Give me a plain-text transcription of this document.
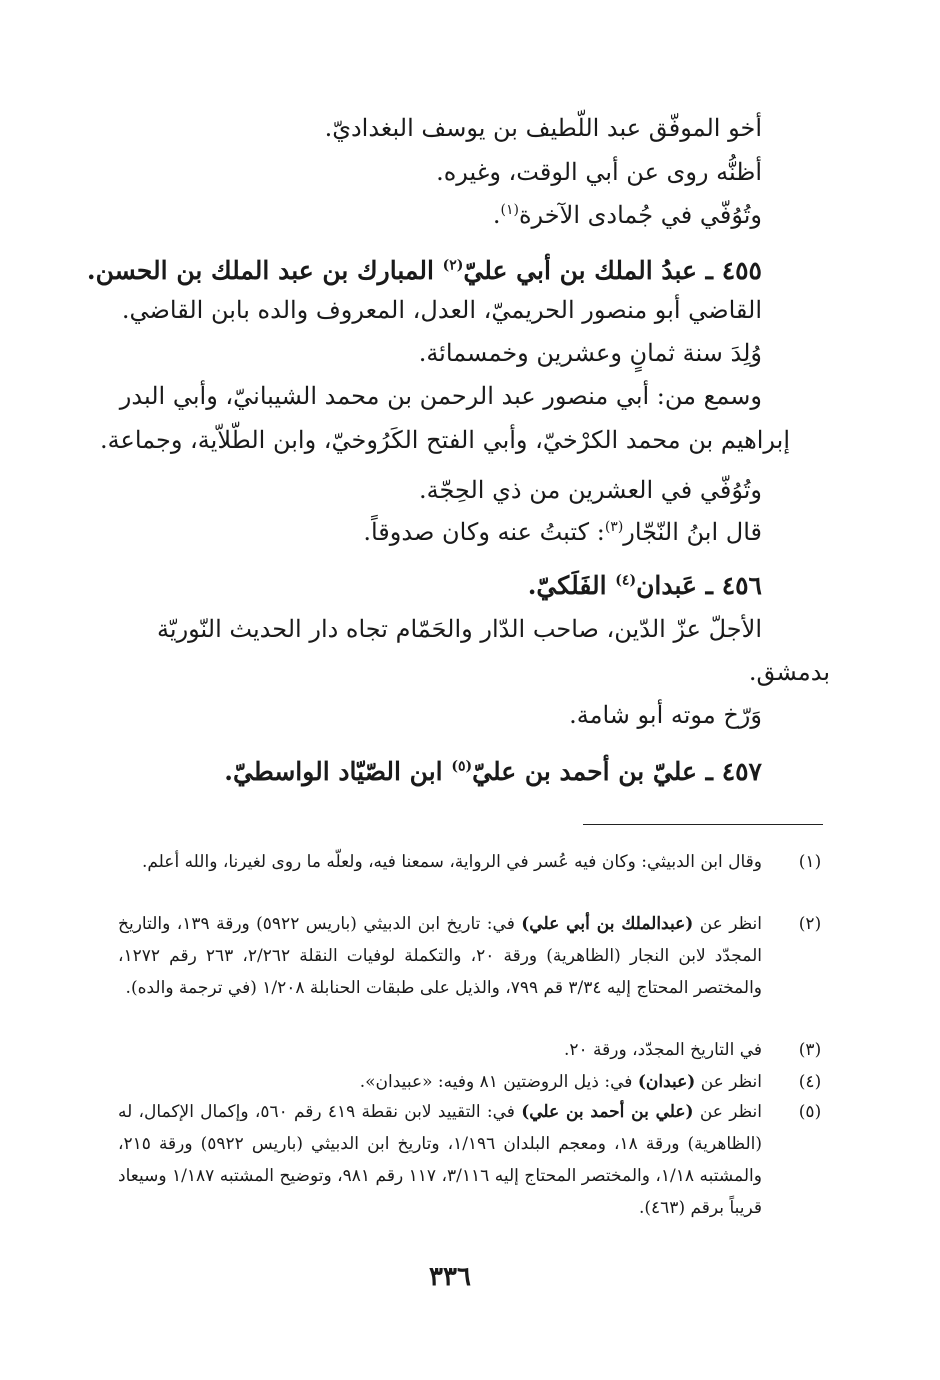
أخو الموفّق عبد اللّطيف بن يوسف البغداديّ.
أظنُّه روى عن أبي الوقت، وغيره.
وتُوُفّي في جُمادى الآخرة$^{(١)}$.
٤٥٥ ـ عبدُ الملك بن أبي عليّ$^{(٢)}$ المبارك بن عبد الملك بن الحسن.
القاضي أبو منصور الحريميّ، العدل، المعروف والده بابن القاضي.
وُلِدَ سنة ثمانٍ وعشرين وخمسمائة.
وسمع من: أبي منصور عبد الرحمن بن محمد الشيبانيّ، وأبي البدر
إبراهيم بن محمد الكرْخيّ، وأبي الفتح الكَرُوخيّ، وابن الطّلاّية، وجماعة.
وتُوُفّي في العشرين من ذي الحِجّة.
قال ابنُ النّجّار$^{(٣)}$: كتبتُ عنه وكان صدوقاً.
٤٥٦ ـ عَبدان$^{(٤)}$ الفَلَكيّ.
الأجلّ عزّ الدّين، صاحب الدّار والحَمّام تجاه دار الحديث النّوريّة
بدمشق.
وَرّخ موته أبو شامة.
٤٥٧ ـ عليّ بن أحمد بن عليّ$^{(٥)}$ ابن الصّيّاد الواسطيّ.
(١)
وقال ابن الدبيثي: وكان فيه عُسر في الرواية، سمعنا فيه، ولعلّه ما روى لغيرنا، والله أعلم.
(٢)
انظر عن (عبدالملك بن أبي علي) في: تاريخ ابن الدبيثي (باريس ٥٩٢٢) ورقة ١٣٩، والتاريخ المجدّد لابن النجار (الظاهرية) ورقة ٢٠، والتكملة لوفيات النقلة ٢/٢٦٢، ٢٦٣ رقم ١٢٧٢، والمختصر المحتاج إليه ٣/٣٤ قم ٧٩٩، والذيل على طبقات الحنابلة ١/٢٠٨ (في ترجمة والده).
(٣)
في التاريخ المجدّد، ورقة ٢٠.
(٤)
انظر عن (عبدان) في: ذيل الروضتين ٨١ وفيه: «عبيدان».
(٥)
انظر عن (علي بن أحمد بن علي) في: التقييد لابن نقطة ٤١٩ رقم ٥٦٠، وإكمال الإكمال، له (الظاهرية) ورقة ١٨، ومعجم البلدان ١/١٩٦، وتاريخ ابن الدبيثي (باريس ٥٩٢٢) ورقة ٢١٥، والمشتبه ١/١٨، والمختصر المحتاج إليه ٣/١١٦، ١١٧ رقم ٩٨١، وتوضيح المشتبه ١/١٨٧ وسيعاد قريباً برقم (٤٦٣).
٣٣٦
